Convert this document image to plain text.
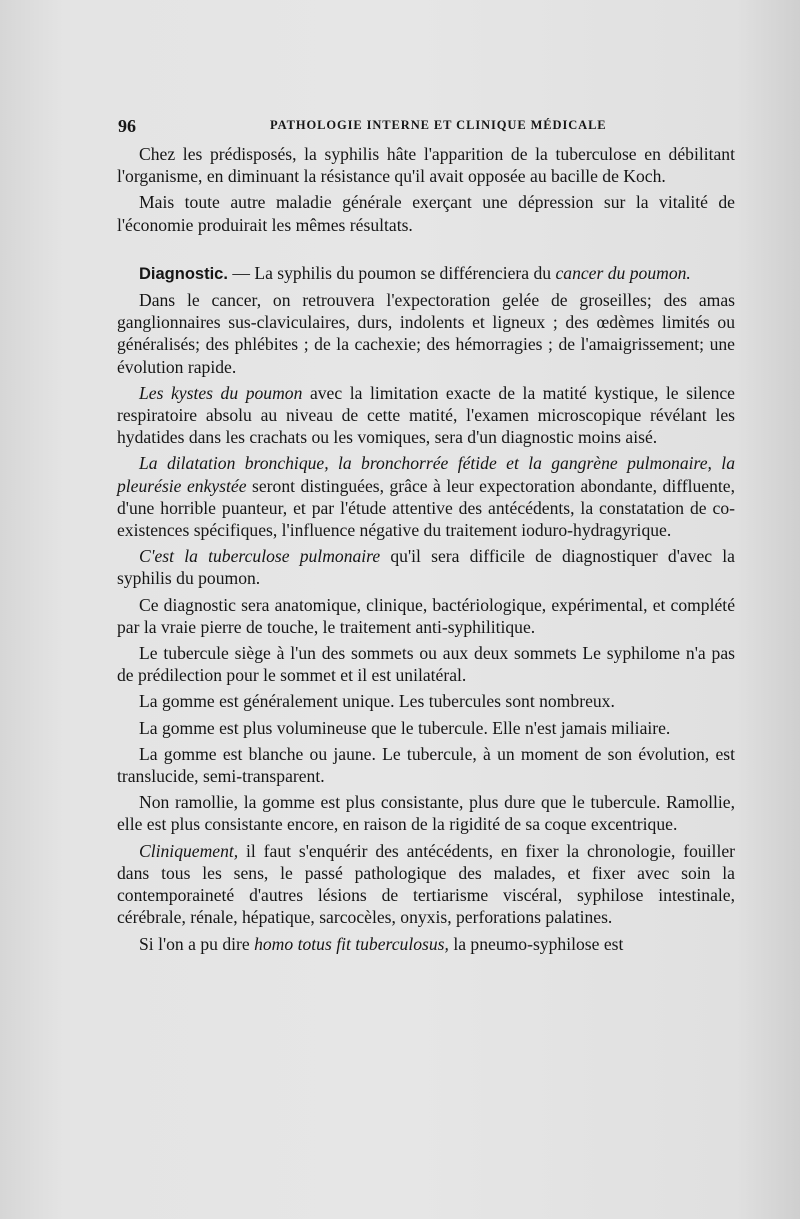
96	PATHOLOGIE INTERNE ET CLINIQUE MÉDICALE

Chez les prédisposés, la syphilis hâte l'apparition de la tuberculose en débilitant l'organisme, en diminuant la résistance qu'il avait opposée au bacille de Koch.

Mais toute autre maladie générale exerçant une dépression sur la vitalité de l'économie produirait les mêmes résultats.

Diagnostic. — La syphilis du poumon se différenciera du cancer du poumon.

Dans le cancer, on retrouvera l'expectoration gelée de groseilles; des amas ganglionnaires sus-claviculaires, durs, indolents et ligneux ; des œdèmes limités ou généralisés; des phlébites ; de la cachexie; des hémorragies ; de l'amaigrissement; une évolution rapide.

Les kystes du poumon avec la limitation exacte de la matité kystique, le silence respiratoire absolu au niveau de cette matité, l'examen microscopique révélant les hydatides dans les crachats ou les vomiques, sera d'un diagnostic moins aisé.

La dilatation bronchique, la bronchorrée fétide et la gangrène pulmonaire, la pleurésie enkystée seront distinguées, grâce à leur expectoration abondante, diffluente, d'une horrible puanteur, et par l'étude attentive des antécédents, la constatation de co-existences spécifiques, l'influence négative du traitement ioduro-hydragyrique.

C'est la tuberculose pulmonaire qu'il sera difficile de diagnostiquer d'avec la syphilis du poumon.

Ce diagnostic sera anatomique, clinique, bactériologique, expérimental, et complété par la vraie pierre de touche, le traitement anti-syphilitique.

Le tubercule siège à l'un des sommets ou aux deux sommets Le syphilome n'a pas de prédilection pour le sommet et il est unilatéral.

La gomme est généralement unique. Les tubercules sont nombreux.

La gomme est plus volumineuse que le tubercule. Elle n'est jamais miliaire.

La gomme est blanche ou jaune. Le tubercule, à un moment de son évolution, est translucide, semi-transparent.

Non ramollie, la gomme est plus consistante, plus dure que le tubercule. Ramollie, elle est plus consistante encore, en raison de la rigidité de sa coque excentrique.

Cliniquement, il faut s'enquérir des antécédents, en fixer la chronologie, fouiller dans tous les sens, le passé pathologique des malades, et fixer avec soin la contemporaineté d'autres lésions de tertiarisme viscéral, syphilose intestinale, cérébrale, rénale, hépatique, sarcocèles, onyxis, perforations palatines.

Si l'on a pu dire homo totus fit tuberculosus, la pneumo-syphilose est
